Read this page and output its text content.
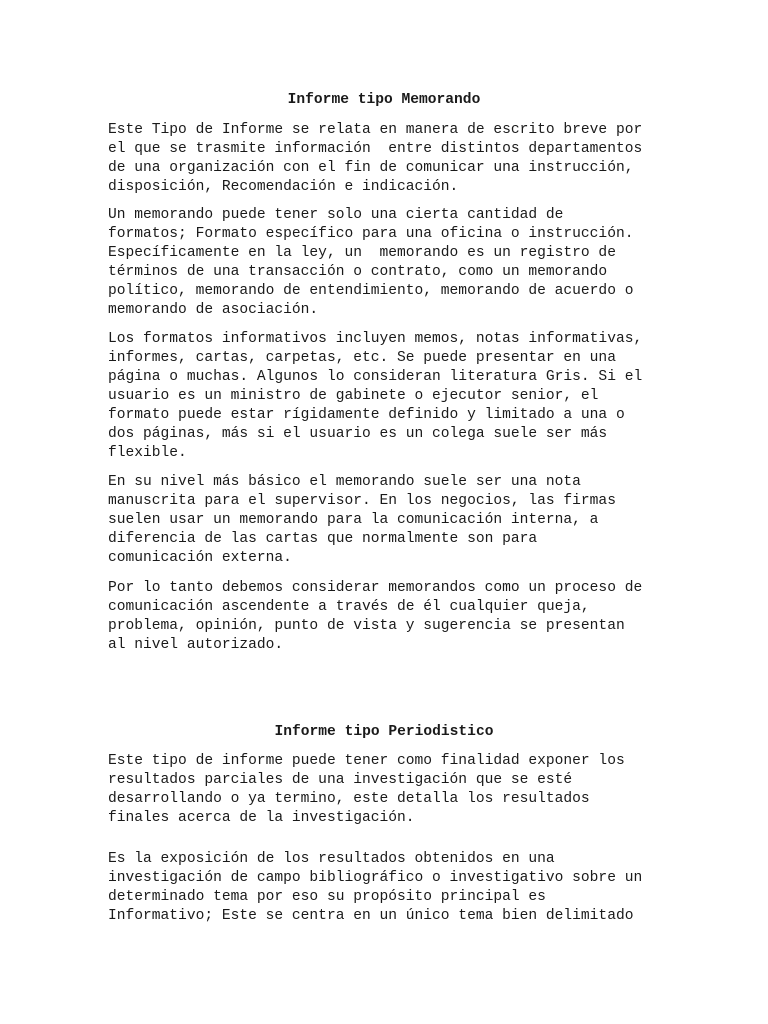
Informe tipo Memorando

Este Tipo de Informe se relata en manera de escrito breve por
el que se trasmite información  entre distintos departamentos
de una organización con el fin de comunicar una instrucción,
disposición, Recomendación e indicación.

Un memorando puede tener solo una cierta cantidad de
formatos; Formato específico para una oficina o instrucción.
Específicamente en la ley, un  memorando es un registro de
términos de una transacción o contrato, como un memorando
político, memorando de entendimiento, memorando de acuerdo o
memorando de asociación.

Los formatos informativos incluyen memos, notas informativas,
informes, cartas, carpetas, etc. Se puede presentar en una
página o muchas. Algunos lo consideran literatura Gris. Si el
usuario es un ministro de gabinete o ejecutor senior, el
formato puede estar rígidamente definido y limitado a una o
dos páginas, más si el usuario es un colega suele ser más
flexible.

En su nivel más básico el memorando suele ser una nota
manuscrita para el supervisor. En los negocios, las firmas
suelen usar un memorando para la comunicación interna, a
diferencia de las cartas que normalmente son para
comunicación externa.

Por lo tanto debemos considerar memorandos como un proceso de
comunicación ascendente a través de él cualquier queja,
problema, opinión, punto de vista y sugerencia se presentan
al nivel autorizado.

Informe tipo Periodistico

Este tipo de informe puede tener como finalidad exponer los
resultados parciales de una investigación que se esté
desarrollando o ya termino, este detalla los resultados
finales acerca de la investigación.

Es la exposición de los resultados obtenidos en una
investigación de campo bibliográfico o investigativo sobre un
determinado tema por eso su propósito principal es
Informativo; Este se centra en un único tema bien delimitado
